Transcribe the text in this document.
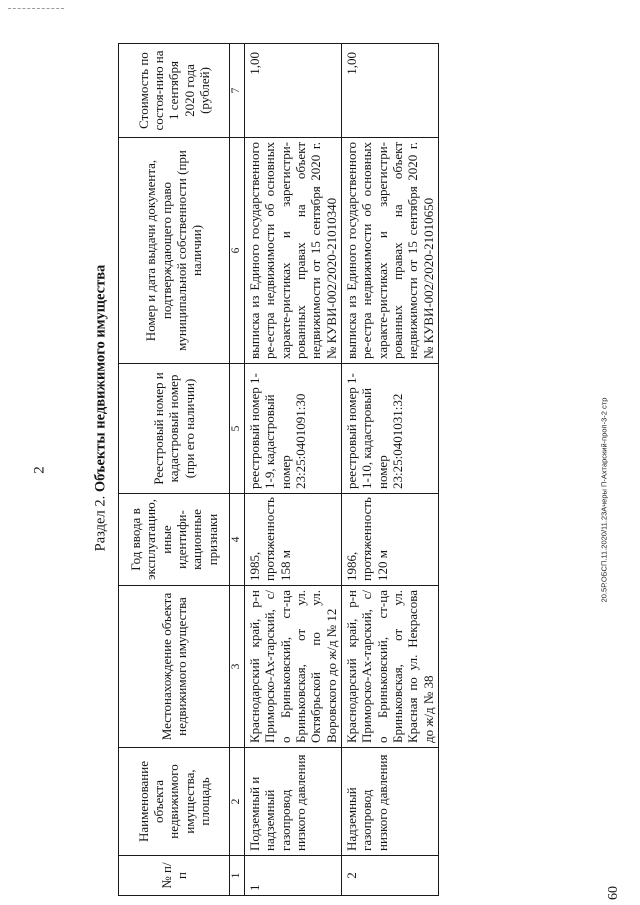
2
Раздел 2. Объекты недвижимого имущества
№ п/п	Наименование объекта недвижимого имущества, площадь	Местонахождение объекта недвижимого имущества	Год ввода в эксплуатацию, иные идентифи-кационные признаки	Реестровый номер и кадастровый номер (при его наличии)	Номер и дата выдачи документа, подтверждающего право муниципальной собственности (при наличии)	Стоимость по состоя-нию на 1 сентября 2020 года (рублей)
1	2	3	4	5	6	7
1	Подземный и надземный газопровод низкого давления	Краснодарский край, р-н Приморско-Ах-тарский, с/о Бриньковский, ст-ца Бриньковская, от ул. Октябрьской по ул. Воровского до ж/д № 12	1985, протяженность 158 м	реестровый номер 1-1-9, кадастровый номер 23:25:0401091:30	выписка из Единого государственного ре-естра недвижимости об основных характе-ристиках и зарегистри-рованных правах на объект недвижимости от 15 сентября 2020 г. № КУВИ-002/2020-21010340	1,00
2	Надземный газопровод низкого давления	Краснодарский край, р-н Приморско-Ах-тарский, с/о Бриньковский, ст-ца Бриньковская, от ул. Красная по ул. Некрасова до ж/д № 38	1986, протяженность 120 м	реестровый номер 1-1-10, кадастровый номер 23:25:0401031:32	выписка из Единого государственного ре-естра недвижимости об основных характе-ристиках и зарегистри-рованных правах на объект недвижимости от 15 сентября 2020 г. № КУВИ-002/2020-21010650	1,00
20.5Р.ОБСП.11.2020/11.23Ачеры П-Ахтарский-проп-3-2 стр
60
